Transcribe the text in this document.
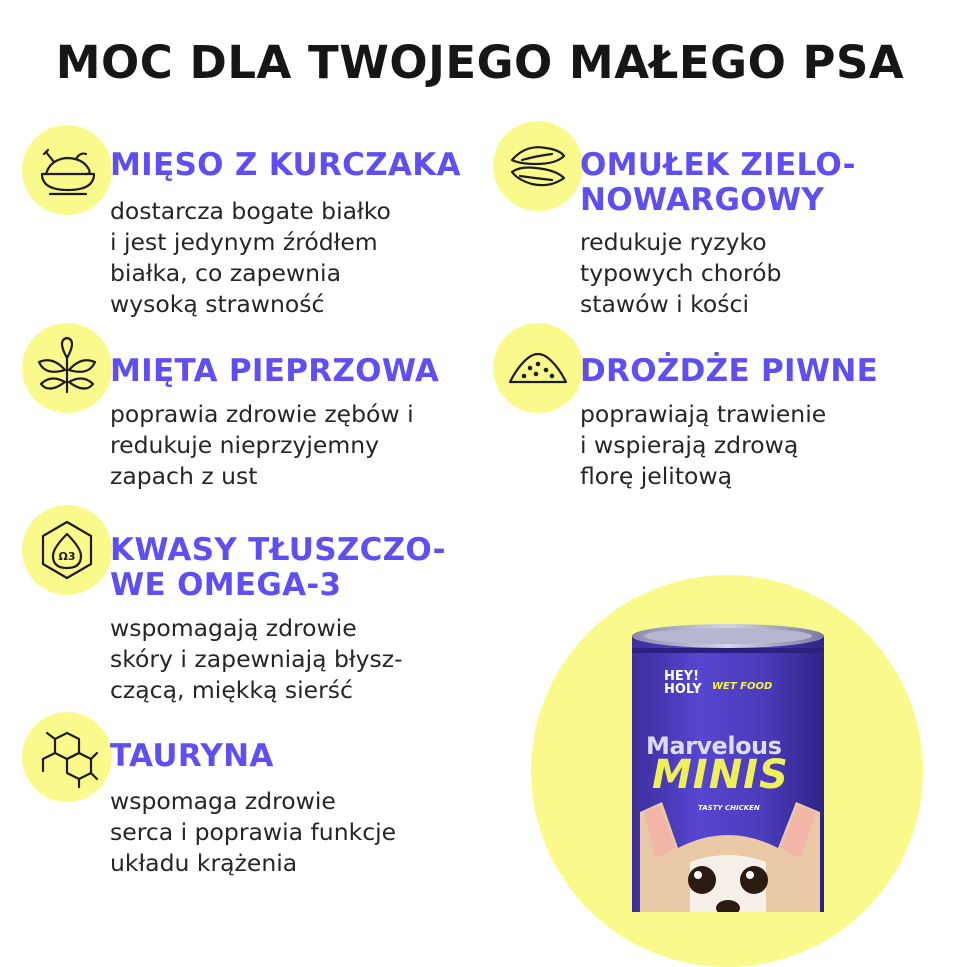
MOC DLA TWOJEGO MAŁEGO PSA
MIĘSO Z KURCZAKA
dostarcza bogate białko
i jest jedynym źródłem
białka, co zapewnia
wysoką strawność
OMUŁEK ZIELO-
NOWARGOWY
redukuje ryzyko
typowych chorób
stawów i kości
MIĘTA PIEPRZOWA
poprawia zdrowie zębów i
redukuje nieprzyjemny
zapach z ust
DROŻDŻE PIWNE
poprawiają trawienie
i wspierają zdrową
florę jelitową
Ω3 KWASY TŁUSZCZO-
WE OMEGA-3
wspomagają zdrowie
skóry i zapewniają błysz-
czącą, miękką sierść
TAURYNA
wspomaga zdrowie
serca i poprawia funkcje
układu krążenia
HEY! HOLY WET FOOD
Marvelous
MINIS
TASTY CHICKEN
